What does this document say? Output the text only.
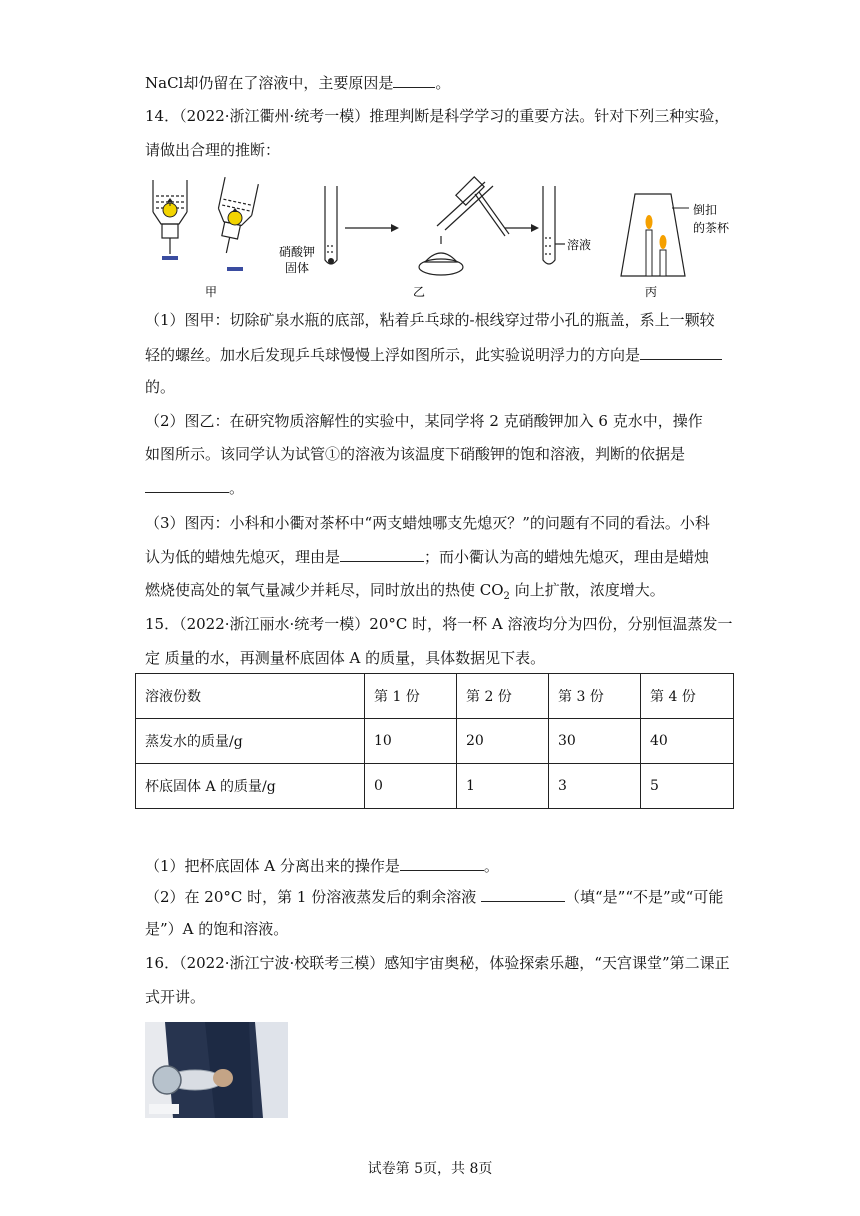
NaCl却仍留在了溶液中，主要原因是	。
14．（2022·浙江衢州·统考一模）推理判断是科学学习的重要方法。针对下列三种实验，
请做出合理的推断：
甲
硝酸钾
固体
乙
溶液
倒扣
的茶杯
丙
（1）图甲：切除矿泉水瓶的底部，粘着乒乓球的-根线穿过带小孔的瓶盖，系上一颗较
轻的螺丝。加水后发现乒乓球慢慢上浮如图所示，此实验说明浮力的方向是
的。
（2）图乙：在研究物质溶解性的实验中，某同学将 2 克硝酸钾加入 6 克水中，操作
如图所示。该同学认为试管①的溶液为该温度下硝酸钾的饱和溶液，判断的依据是
。
（3）图丙：小科和小衢对茶杯中“两支蜡烛哪支先熄灭？”的问题有不同的看法。小科
认为低的蜡烛先熄灭，理由是	；而小衢认为高的蜡烛先熄灭，理由是蜡烛
燃烧使高处的氧气量减少并耗尽，同时放出的热使 $CO_2$ 向上扩散，浓度增大。
15．（2022·浙江丽水·统考一模）20°C 时，将一杯 A 溶液均分为四份，分别恒温蒸发一
定 质量的水，再测量杯底固体 A 的质量，具体数据见下表。
溶液份数	第 1 份	第 2 份	第 3 份	第 4 份
蒸发水的质量/g	10	20	30	40
杯底固体 A 的质量/g	0	1	3	5
（1）把杯底固体 A 分离出来的操作是	。
（2）在 20°C 时，第 1 份溶液蒸发后的剩余溶液	（填“是”“不是”或“可能
是”）A 的饱和溶液。
16．（2022·浙江宁波·校联考三模）感知宇宙奥秘，体验探索乐趣，“天宫课堂”第二课正
式开讲。
试卷第 5页，共 8页
